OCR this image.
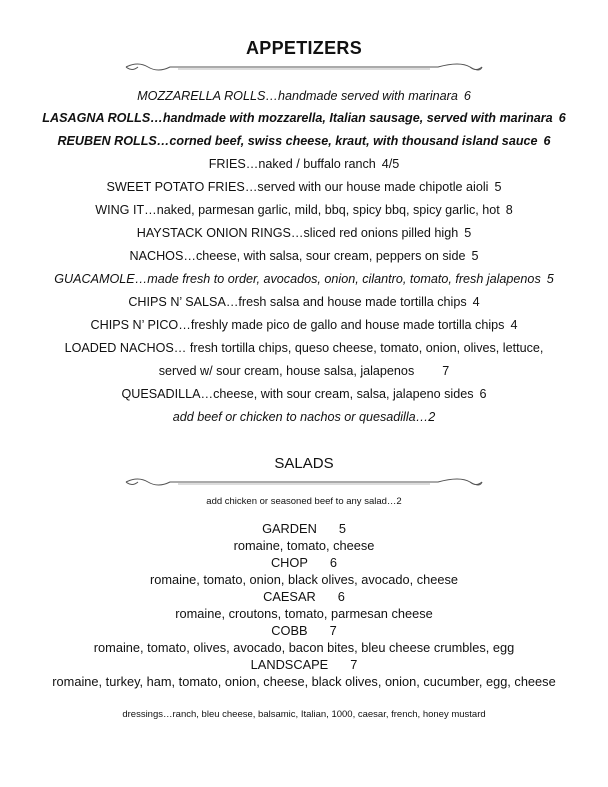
APPETIZERS
MOZZARELLA ROLLS…handmade served with marinara 6
LASAGNA ROLLS…handmade with mozzarella, Italian sausage, served with marinara 6
REUBEN ROLLS…corned beef, swiss cheese, kraut, with thousand island sauce 6
FRIES…naked / buffalo ranch 4/5
SWEET POTATO FRIES…served with our house made chipotle aioli 5
WING IT…naked, parmesan garlic, mild, bbq, spicy bbq, spicy garlic, hot 8
HAYSTACK ONION RINGS…sliced red onions pilled high 5
NACHOS…cheese, with salsa, sour cream, peppers on side 5
GUACAMOLE…made fresh to order, avocados, onion, cilantro, tomato, fresh jalapenos 5
CHIPS N’ SALSA…fresh salsa and house made tortilla chips 4
CHIPS N’ PICO…freshly made pico de gallo and house made tortilla chips 4
LOADED NACHOS… fresh tortilla chips, queso cheese, tomato, onion, olives, lettuce,
served w/ sour cream, house salsa, jalapenos 7
QUESADILLA…cheese, with sour cream, salsa, jalapeno sides 6
add beef or chicken to nachos or quesadilla…2
SALADS
add chicken or seasoned beef to any salad…2
GARDEN 5
romaine, tomato, cheese
CHOP 6
romaine, tomato, onion, black olives, avocado, cheese
CAESAR 6
romaine, croutons, tomato, parmesan cheese
COBB 7
romaine, tomato, olives, avocado, bacon bites, bleu cheese crumbles, egg
LANDSCAPE 7
romaine, turkey, ham, tomato, onion, cheese, black olives, onion, cucumber, egg, cheese
dressings…ranch, bleu cheese, balsamic, Italian, 1000, caesar, french, honey mustard
